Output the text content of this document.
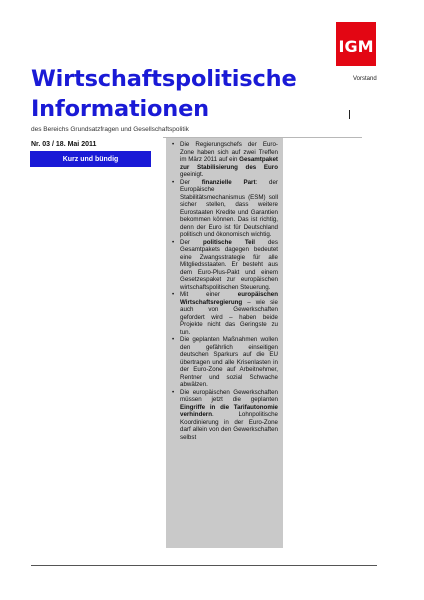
IGM
Wirtschaftspolitische
Informationen
Vorstand
des Bereichs Grundsatzfragen und Gesellschaftspolitik
Nr. 03 / 18. Mai 2011
Kurz und bündig
• Die Regierungschefs der Euro-Zone haben sich auf zwei Treffen im März 2011 auf ein Gesamtpaket zur Stabilisierung des Euro geeinigt.
• Der finanzielle Part: der Europäische Stabilitätsmechanismus (ESM) soll sicher stellen, dass weitere Eurostaaten Kredite und Garantien bekommen können. Das ist richtig, denn der Euro ist für Deutschland politisch und ökonomisch wichtig.
• Der politische Teil des Gesamtpakets dagegen bedeutet eine Zwangsstrategie für alle Mitgliedsstaaten. Er besteht aus dem Euro-Plus-Pakt und einem Gesetzespaket zur europäischen wirtschaftspolitischen Steuerung.
• Mit einer europäischen Wirtschaftsregierung – wie sie auch von Gewerkschaften gefordert wird – haben beide Projekte nicht das Geringste zu tun.
• Die geplanten Maßnahmen wollen den gefährlich einseitigen deutschen Sparkurs auf die EU übertragen und alle Krisenlasten in der Euro-Zone auf Arbeitnehmer, Rentner und sozial Schwache abwälzen.
• Die europäischen Gewerkschaften müssen jetzt die geplanten Eingriffe in die Tarifautonomie verhindern. Lohnpolitische Koordinierung in der Euro-Zone darf allein von den Gewerkschaften selbst
